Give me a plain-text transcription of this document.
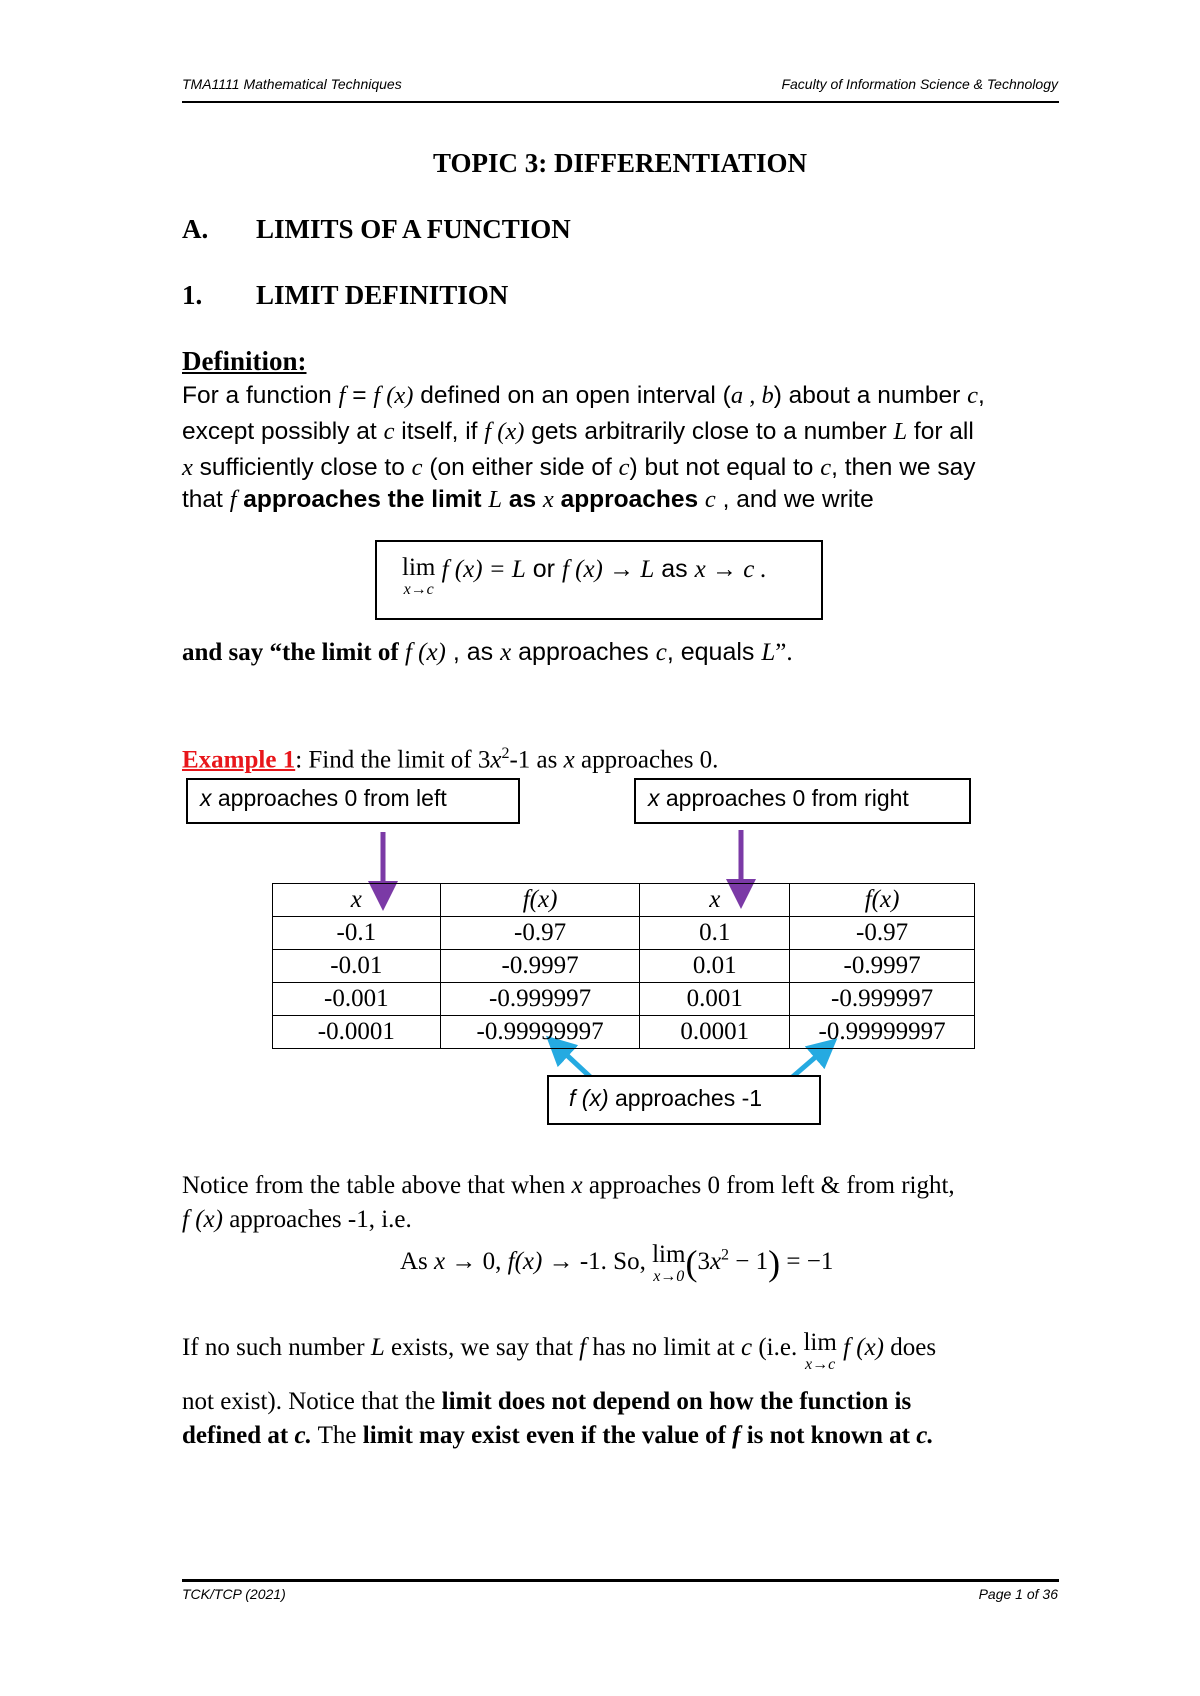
TMA1111 Mathematical Techniques	Faculty of Information Science & Technology
TOPIC 3: DIFFERENTIATION
A. LIMITS OF A FUNCTION
1. LIMIT DEFINITION
Definition:
For a function f = f (x) defined on an open interval (a , b) about a number c,
except possibly at c itself, if f (x) gets arbitrarily close to a number L for all
x sufficiently close to c (on either side of c) but not equal to c, then we say
that f approaches the limit L as x approaches c , and we write
lim
x→c
f (x) = L or f (x) → L as x → c .
and say “the limit of f (x) , as x approaches c, equals L”.
Example 1: Find the limit of $3x^2-1$ as x approaches 0.
x approaches 0 from left	x approaches 0 from right
x	f(x)	x	f(x)
-0.1	-0.97	0.1	-0.97
-0.01	-0.9997	0.01	-0.9997
-0.001	-0.999997	0.001	-0.999997
-0.0001	-0.99999997	0.0001	-0.99999997
f (x) approaches -1
Notice from the table above that when x approaches 0 from left & from right,
f (x) approaches -1, i.e.
As x → 0, f(x) → -1. So, lim
x→0 $(3x^2 - 1) = -1$
If no such number L exists, we say that f has no limit at c (i.e. lim
x→c
f (x) does
not exist). Notice that the limit does not depend on how the function is
defined at c. The limit may exist even if the value of f is not known at c.
TCK/TCP (2021)	Page 1 of 36
